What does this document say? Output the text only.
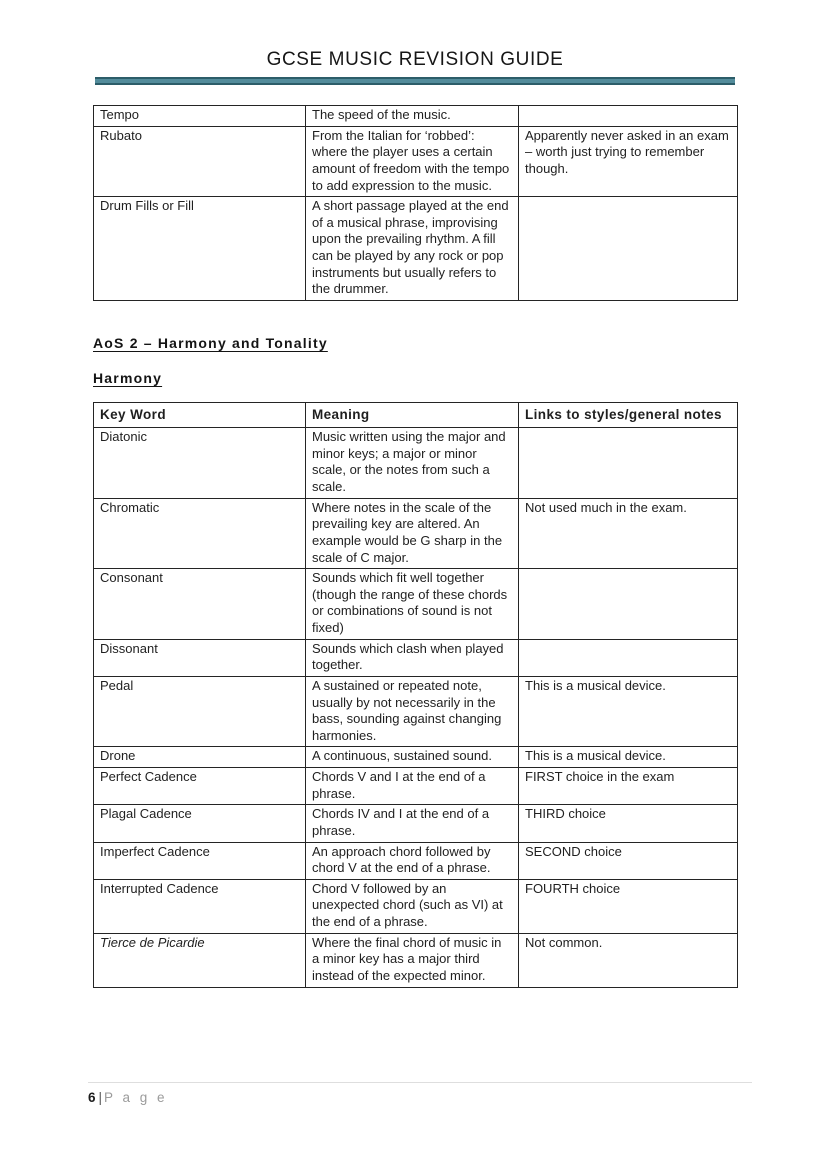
GCSE MUSIC REVISION GUIDE
Tempo	The speed of the music.	
Rubato	From the Italian for ‘robbed’: where the player uses a certain amount of freedom with the tempo to add expression to the music.	Apparently never asked in an exam – worth just trying to remember though.
Drum Fills or Fill	A short passage played at the end of a musical phrase, improvising upon the prevailing rhythm. A fill can be played by any rock or pop instruments but usually refers to the drummer.	
AoS 2 – Harmony and Tonality
Harmony
Key Word	Meaning	Links to styles/general notes
Diatonic	Music written using the major and minor keys; a major or minor scale, or the notes from such a scale.	
Chromatic	Where notes in the scale of the prevailing key are altered. An example would be G sharp in the scale of C major.	Not used much in the exam.
Consonant	Sounds which fit well together (though the range of these chords or combinations of sound is not fixed)	
Dissonant	Sounds which clash when played together.	
Pedal	A sustained or repeated note, usually by not necessarily in the bass, sounding against changing harmonies.	This is a musical device.
Drone	A continuous, sustained sound.	This is a musical device.
Perfect Cadence	Chords V and I at the end of a phrase.	FIRST choice in the exam
Plagal Cadence	Chords IV and I at the end of a phrase.	THIRD choice
Imperfect Cadence	An approach chord followed by chord V at the end of a phrase.	SECOND choice
Interrupted Cadence	Chord V followed by an unexpected chord (such as VI) at the end of a phrase.	FOURTH choice
Tierce de Picardie	Where the final chord of music in a minor key has a major third instead of the expected minor.	Not common.
6 | P a g e
